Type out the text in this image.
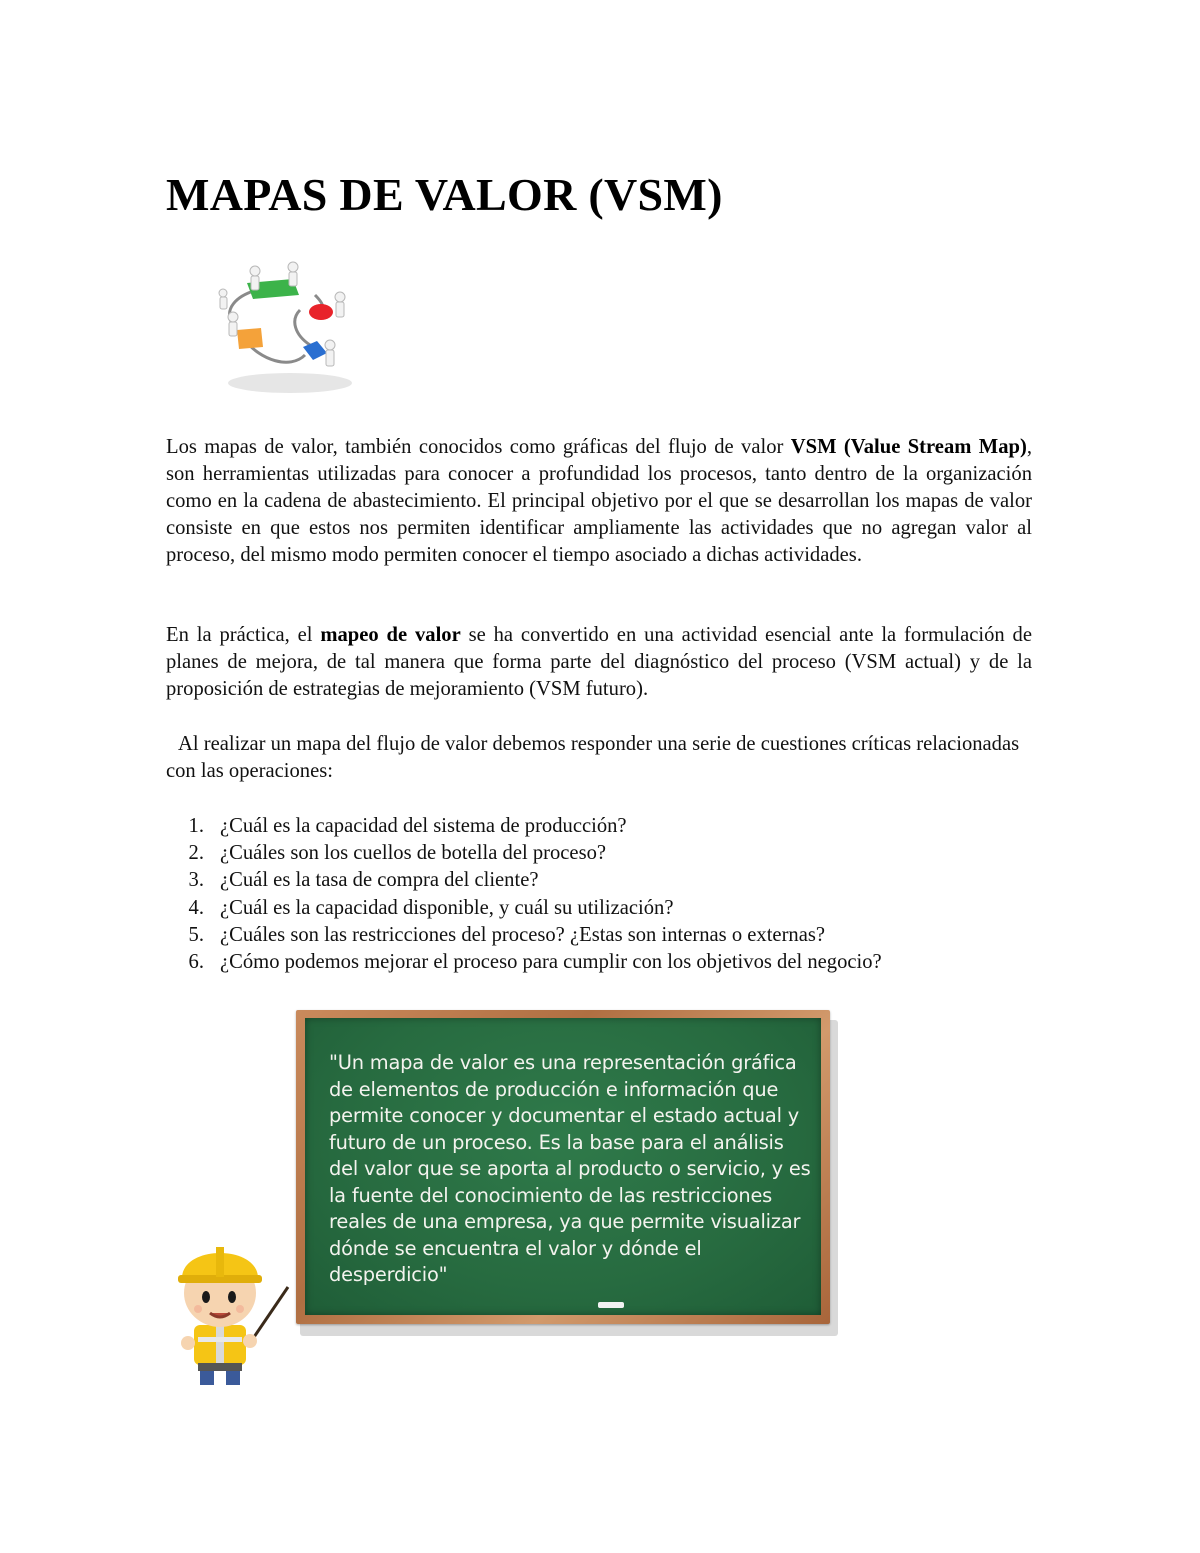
MAPAS DE VALOR (VSM)

Los mapas de valor, también conocidos como gráficas del flujo de valor VSM (Value Stream Map), son herramientas utilizadas para conocer a profundidad los procesos, tanto dentro de la organización como en la cadena de abastecimiento. El principal objetivo por el que se desarrollan los mapas de valor consiste en que estos nos permiten identificar ampliamente las actividades que no agregan valor al proceso, del mismo modo permiten conocer el tiempo asociado a dichas actividades.

En la práctica, el mapeo de valor se ha convertido en una actividad esencial ante la formulación de planes de mejora, de tal manera que forma parte del diagnóstico del proceso (VSM actual) y de la proposición de estrategias de mejoramiento (VSM futuro).

Al realizar un mapa del flujo de valor debemos responder una serie de cuestiones críticas relacionadas con las operaciones:

1. ¿Cuál es la capacidad del sistema de producción?
2. ¿Cuáles son los cuellos de botella del proceso?
3. ¿Cuál es la tasa de compra del cliente?
4. ¿Cuál es la capacidad disponible, y cuál su utilización?
5. ¿Cuáles son las restricciones del proceso? ¿Estas son internas o externas?
6. ¿Cómo podemos mejorar el proceso para cumplir con los objetivos del negocio?

"Un mapa de valor es una representación gráfica de elementos de producción e información que permite conocer y documentar el estado actual y futuro de un proceso. Es la base para el análisis del valor que se aporta al producto o servicio, y es la fuente del conocimiento de las restricciones reales de una empresa, ya que permite visualizar dónde se encuentra el valor y dónde el desperdicio"
